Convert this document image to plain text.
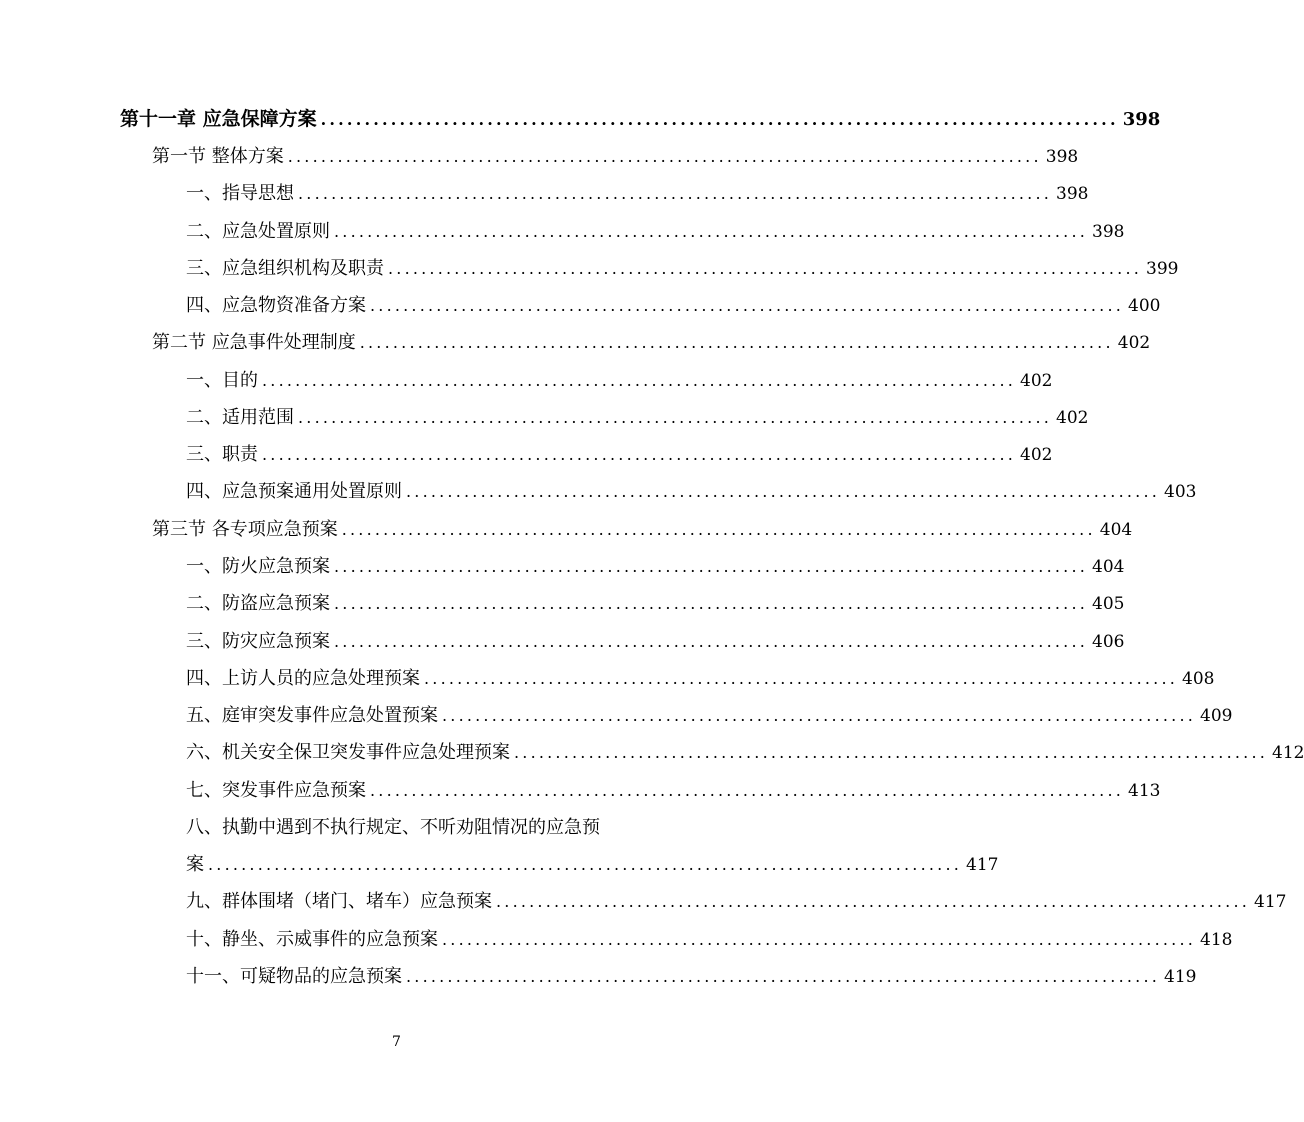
第十一章 应急保障方案 ........................................................................................... 398
第一节 整体方案 ........................................................................................... 398
一、指导思想 ........................................................................................... 398
二、应急处置原则 ........................................................................................... 398
三、应急组织机构及职责 ........................................................................................... 399
四、应急物资准备方案 ........................................................................................... 400
第二节 应急事件处理制度 ........................................................................................... 402
一、目的 ........................................................................................... 402
二、适用范围 ........................................................................................... 402
三、职责 ........................................................................................... 402
四、应急预案通用处置原则 ........................................................................................... 403
第三节 各专项应急预案 ........................................................................................... 404
一、防火应急预案 ........................................................................................... 404
二、防盗应急预案 ........................................................................................... 405
三、防灾应急预案 ........................................................................................... 406
四、上访人员的应急处理预案 ........................................................................................... 408
五、庭审突发事件应急处置预案 ........................................................................................... 409
六、机关安全保卫突发事件应急处理预案 ........................................................................................... 412
七、突发事件应急预案 ........................................................................................... 413
八、执勤中遇到不执行规定、不听劝阻情况的应急预
案 ........................................................................................... 417
九、群体围堵（堵门、堵车）应急预案 ........................................................................................... 417
十、静坐、示威事件的应急预案 ........................................................................................... 418
十一、可疑物品的应急预案 ........................................................................................... 419
7
